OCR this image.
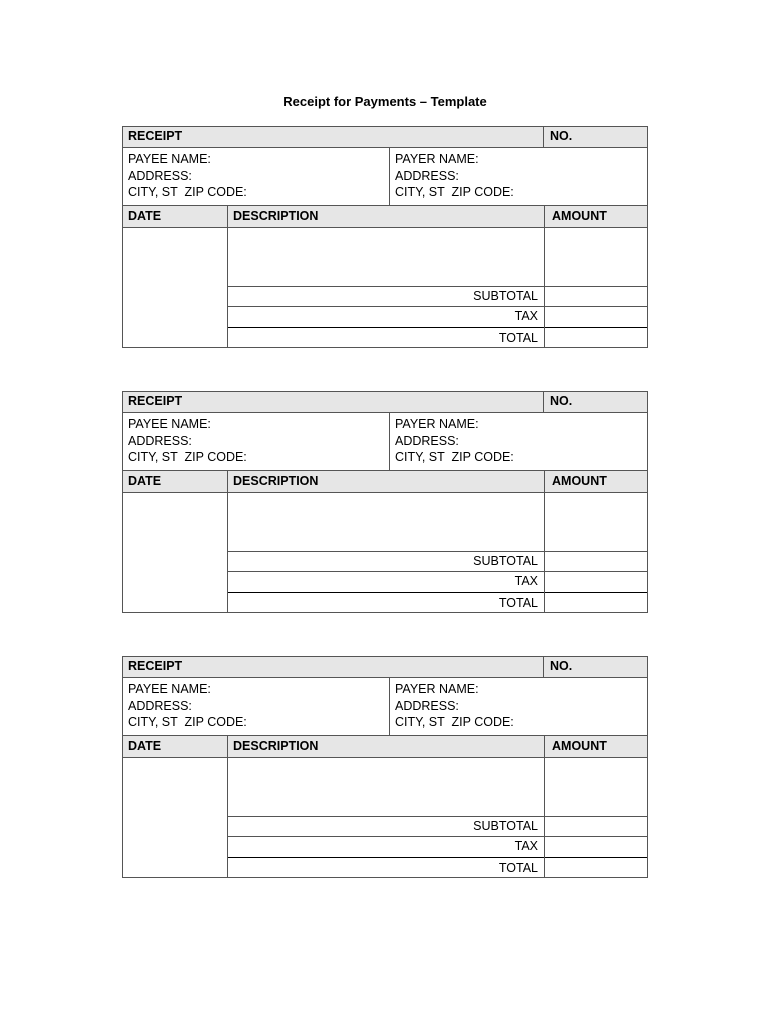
Receipt for Payments – Template
RECEIPT	NO.
PAYEE NAME:
ADDRESS:
CITY, ST  ZIP CODE:
PAYER NAME:
ADDRESS:
CITY, ST  ZIP CODE:
DATE	DESCRIPTION	AMOUNT
SUBTOTAL
TAX
TOTAL
RECEIPT	NO.
PAYEE NAME:
ADDRESS:
CITY, ST  ZIP CODE:
PAYER NAME:
ADDRESS:
CITY, ST  ZIP CODE:
DATE	DESCRIPTION	AMOUNT
SUBTOTAL
TAX
TOTAL
RECEIPT	NO.
PAYEE NAME:
ADDRESS:
CITY, ST  ZIP CODE:
PAYER NAME:
ADDRESS:
CITY, ST  ZIP CODE:
DATE	DESCRIPTION	AMOUNT
SUBTOTAL
TAX
TOTAL
